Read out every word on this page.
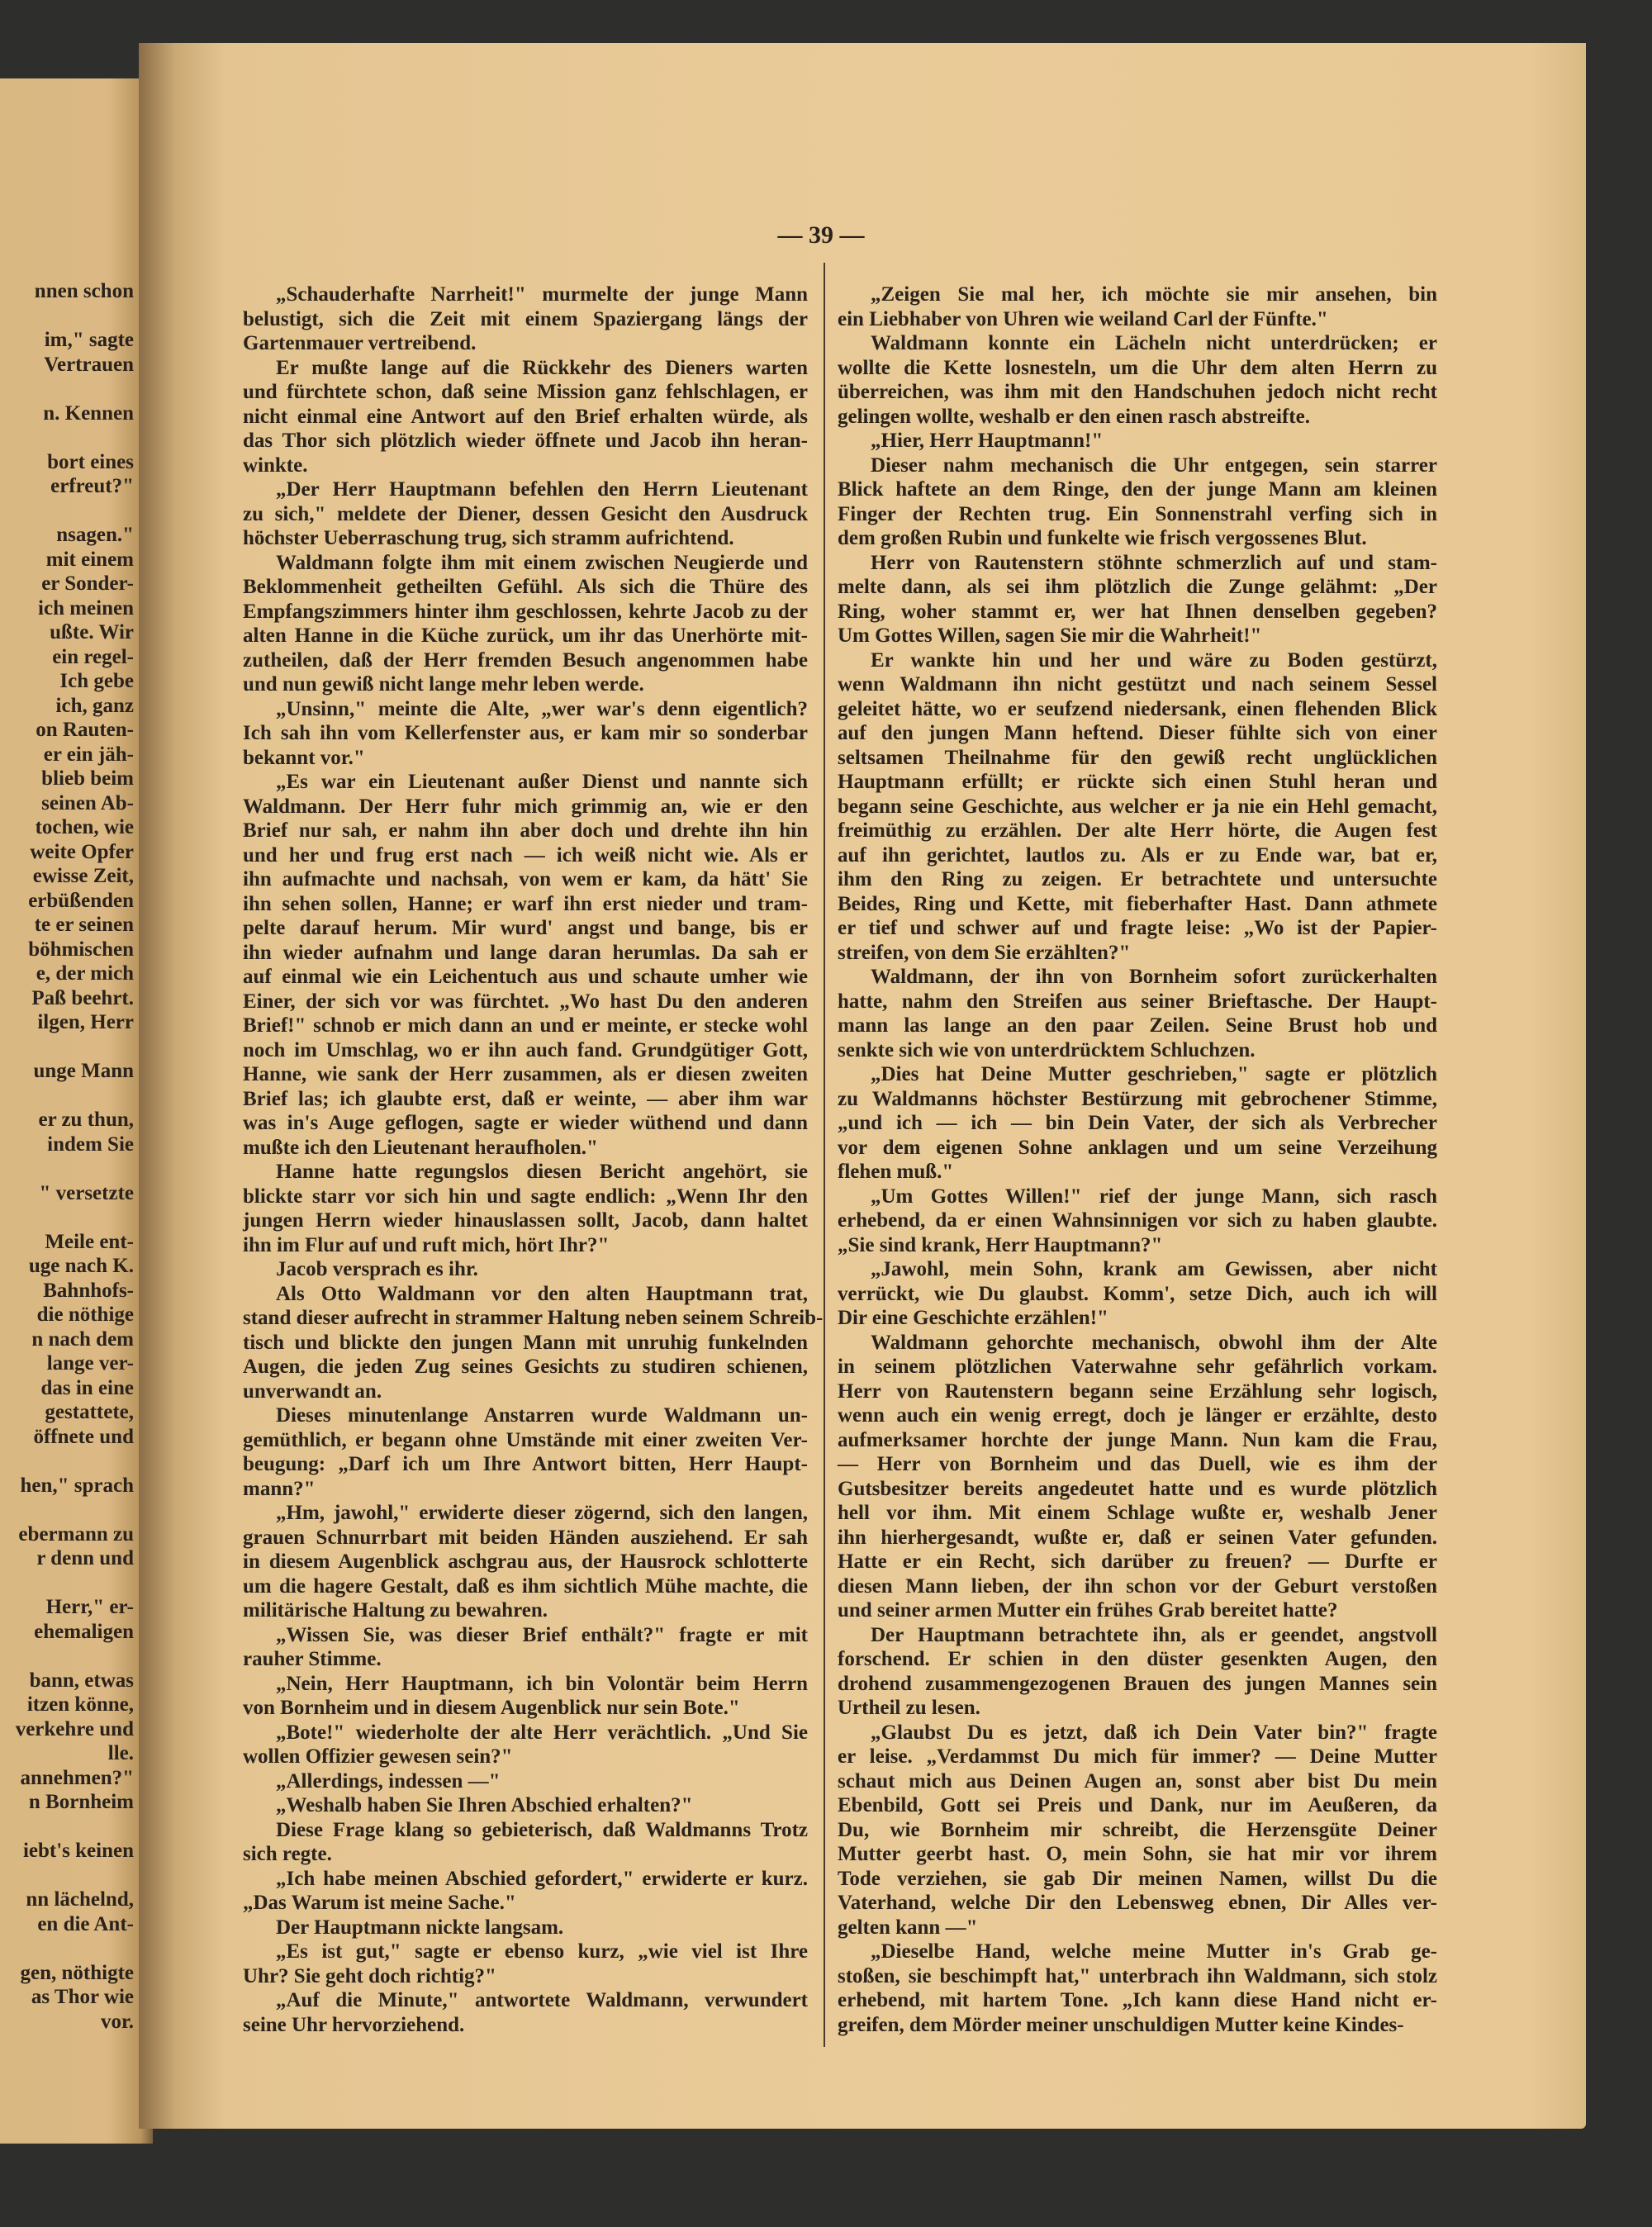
nnen schon
im," sagte
Vertrauen
n. Kennen
bort eines
erfreut?"
nsagen."
mit einem
er Sonder-
ich meinen
ußte. Wir
ein regel-
Ich gebe
ich, ganz
on Rauten-
er ein jäh-
blieb beim
seinen Ab-
tochen, wie
weite Opfer
ewisse Zeit,
erbüßenden
te er seinen
böhmischen
e, der mich
Paß beehrt.
ilgen, Herr
unge Mann
er zu thun,
indem Sie
" versetzte
Meile ent-
uge nach K.
Bahnhofs-
die nöthige
n nach dem
lange ver-
das in eine
gestattete,
öffnete und
hen," sprach
ebermann zu
r denn und
Herr," er-
ehemaligen
bann, etwas
itzen könne,
verkehre und
lle.
annehmen?"
n Bornheim
iebt's keinen
nn lächelnd,
en die Ant-
gen, nöthigte
as Thor wie
vor.
— 39 —
„Schauderhafte Narrheit!" murmelte der junge Mann
belustigt, sich die Zeit mit einem Spaziergang längs der
Gartenmauer vertreibend.
Er mußte lange auf die Rückkehr des Dieners warten
und fürchtete schon, daß seine Mission ganz fehlschlagen, er
nicht einmal eine Antwort auf den Brief erhalten würde, als
das Thor sich plötzlich wieder öffnete und Jacob ihn heran-
winkte.
„Der Herr Hauptmann befehlen den Herrn Lieutenant
zu sich," meldete der Diener, dessen Gesicht den Ausdruck
höchster Ueberraschung trug, sich stramm aufrichtend.
Waldmann folgte ihm mit einem zwischen Neugierde und
Beklommenheit getheilten Gefühl. Als sich die Thüre des
Empfangszimmers hinter ihm geschlossen, kehrte Jacob zu der
alten Hanne in die Küche zurück, um ihr das Unerhörte mit-
zutheilen, daß der Herr fremden Besuch angenommen habe
und nun gewiß nicht lange mehr leben werde.
„Unsinn," meinte die Alte, „wer war's denn eigentlich?
Ich sah ihn vom Kellerfenster aus, er kam mir so sonderbar
bekannt vor."
„Es war ein Lieutenant außer Dienst und nannte sich
Waldmann. Der Herr fuhr mich grimmig an, wie er den
Brief nur sah, er nahm ihn aber doch und drehte ihn hin
und her und frug erst nach — ich weiß nicht wie. Als er
ihn aufmachte und nachsah, von wem er kam, da hätt' Sie
ihn sehen sollen, Hanne; er warf ihn erst nieder und tram-
pelte darauf herum. Mir wurd' angst und bange, bis er
ihn wieder aufnahm und lange daran herumlas. Da sah er
auf einmal wie ein Leichentuch aus und schaute umher wie
Einer, der sich vor was fürchtet. „Wo hast Du den anderen
Brief!" schnob er mich dann an und er meinte, er stecke wohl
noch im Umschlag, wo er ihn auch fand. Grundgütiger Gott,
Hanne, wie sank der Herr zusammen, als er diesen zweiten
Brief las; ich glaubte erst, daß er weinte, — aber ihm war
was in's Auge geflogen, sagte er wieder wüthend und dann
mußte ich den Lieutenant heraufholen."
Hanne hatte regungslos diesen Bericht angehört, sie
blickte starr vor sich hin und sagte endlich: „Wenn Ihr den
jungen Herrn wieder hinauslassen sollt, Jacob, dann haltet
ihn im Flur auf und ruft mich, hört Ihr?"
Jacob versprach es ihr.
Als Otto Waldmann vor den alten Hauptmann trat,
stand dieser aufrecht in strammer Haltung neben seinem Schreib-
tisch und blickte den jungen Mann mit unruhig funkelnden
Augen, die jeden Zug seines Gesichts zu studiren schienen,
unverwandt an.
Dieses minutenlange Anstarren wurde Waldmann un-
gemüthlich, er begann ohne Umstände mit einer zweiten Ver-
beugung: „Darf ich um Ihre Antwort bitten, Herr Haupt-
mann?"
„Hm, jawohl," erwiderte dieser zögernd, sich den langen,
grauen Schnurrbart mit beiden Händen ausziehend. Er sah
in diesem Augenblick aschgrau aus, der Hausrock schlotterte
um die hagere Gestalt, daß es ihm sichtlich Mühe machte, die
militärische Haltung zu bewahren.
„Wissen Sie, was dieser Brief enthält?" fragte er mit
rauher Stimme.
„Nein, Herr Hauptmann, ich bin Volontär beim Herrn
von Bornheim und in diesem Augenblick nur sein Bote."
„Bote!" wiederholte der alte Herr verächtlich. „Und Sie
wollen Offizier gewesen sein?"
„Allerdings, indessen —"
„Weshalb haben Sie Ihren Abschied erhalten?"
Diese Frage klang so gebieterisch, daß Waldmanns Trotz
sich regte.
„Ich habe meinen Abschied gefordert," erwiderte er kurz.
„Das Warum ist meine Sache."
Der Hauptmann nickte langsam.
„Es ist gut," sagte er ebenso kurz, „wie viel ist Ihre
Uhr? Sie geht doch richtig?"
„Auf die Minute," antwortete Waldmann, verwundert
seine Uhr hervorziehend.
„Zeigen Sie mal her, ich möchte sie mir ansehen, bin
ein Liebhaber von Uhren wie weiland Carl der Fünfte."
Waldmann konnte ein Lächeln nicht unterdrücken; er
wollte die Kette losnesteln, um die Uhr dem alten Herrn zu
überreichen, was ihm mit den Handschuhen jedoch nicht recht
gelingen wollte, weshalb er den einen rasch abstreifte.
„Hier, Herr Hauptmann!"
Dieser nahm mechanisch die Uhr entgegen, sein starrer
Blick haftete an dem Ringe, den der junge Mann am kleinen
Finger der Rechten trug. Ein Sonnenstrahl verfing sich in
dem großen Rubin und funkelte wie frisch vergossenes Blut.
Herr von Rautenstern stöhnte schmerzlich auf und stam-
melte dann, als sei ihm plötzlich die Zunge gelähmt: „Der
Ring, woher stammt er, wer hat Ihnen denselben gegeben?
Um Gottes Willen, sagen Sie mir die Wahrheit!"
Er wankte hin und her und wäre zu Boden gestürzt,
wenn Waldmann ihn nicht gestützt und nach seinem Sessel
geleitet hätte, wo er seufzend niedersank, einen flehenden Blick
auf den jungen Mann heftend. Dieser fühlte sich von einer
seltsamen Theilnahme für den gewiß recht unglücklichen
Hauptmann erfüllt; er rückte sich einen Stuhl heran und
begann seine Geschichte, aus welcher er ja nie ein Hehl gemacht,
freimüthig zu erzählen. Der alte Herr hörte, die Augen fest
auf ihn gerichtet, lautlos zu. Als er zu Ende war, bat er,
ihm den Ring zu zeigen. Er betrachtete und untersuchte
Beides, Ring und Kette, mit fieberhafter Hast. Dann athmete
er tief und schwer auf und fragte leise: „Wo ist der Papier-
streifen, von dem Sie erzählten?"
Waldmann, der ihn von Bornheim sofort zurückerhalten
hatte, nahm den Streifen aus seiner Brieftasche. Der Haupt-
mann las lange an den paar Zeilen. Seine Brust hob und
senkte sich wie von unterdrücktem Schluchzen.
„Dies hat Deine Mutter geschrieben," sagte er plötzlich
zu Waldmanns höchster Bestürzung mit gebrochener Stimme,
„und ich — ich — bin Dein Vater, der sich als Verbrecher
vor dem eigenen Sohne anklagen und um seine Verzeihung
flehen muß."
„Um Gottes Willen!" rief der junge Mann, sich rasch
erhebend, da er einen Wahnsinnigen vor sich zu haben glaubte.
„Sie sind krank, Herr Hauptmann?"
„Jawohl, mein Sohn, krank am Gewissen, aber nicht
verrückt, wie Du glaubst. Komm', setze Dich, auch ich will
Dir eine Geschichte erzählen!"
Waldmann gehorchte mechanisch, obwohl ihm der Alte
in seinem plötzlichen Vaterwahne sehr gefährlich vorkam.
Herr von Rautenstern begann seine Erzählung sehr logisch,
wenn auch ein wenig erregt, doch je länger er erzählte, desto
aufmerksamer horchte der junge Mann. Nun kam die Frau,
— Herr von Bornheim und das Duell, wie es ihm der
Gutsbesitzer bereits angedeutet hatte und es wurde plötzlich
hell vor ihm. Mit einem Schlage wußte er, weshalb Jener
ihn hierhergesandt, wußte er, daß er seinen Vater gefunden.
Hatte er ein Recht, sich darüber zu freuen? — Durfte er
diesen Mann lieben, der ihn schon vor der Geburt verstoßen
und seiner armen Mutter ein frühes Grab bereitet hatte?
Der Hauptmann betrachtete ihn, als er geendet, angstvoll
forschend. Er schien in den düster gesenkten Augen, den
drohend zusammengezogenen Brauen des jungen Mannes sein
Urtheil zu lesen.
„Glaubst Du es jetzt, daß ich Dein Vater bin?" fragte
er leise. „Verdammst Du mich für immer? — Deine Mutter
schaut mich aus Deinen Augen an, sonst aber bist Du mein
Ebenbild, Gott sei Preis und Dank, nur im Aeußeren, da
Du, wie Bornheim mir schreibt, die Herzensgüte Deiner
Mutter geerbt hast. O, mein Sohn, sie hat mir vor ihrem
Tode verziehen, sie gab Dir meinen Namen, willst Du die
Vaterhand, welche Dir den Lebensweg ebnen, Dir Alles ver-
gelten kann —"
„Dieselbe Hand, welche meine Mutter in's Grab ge-
stoßen, sie beschimpft hat," unterbrach ihn Waldmann, sich stolz
erhebend, mit hartem Tone. „Ich kann diese Hand nicht er-
greifen, dem Mörder meiner unschuldigen Mutter keine Kindes-
